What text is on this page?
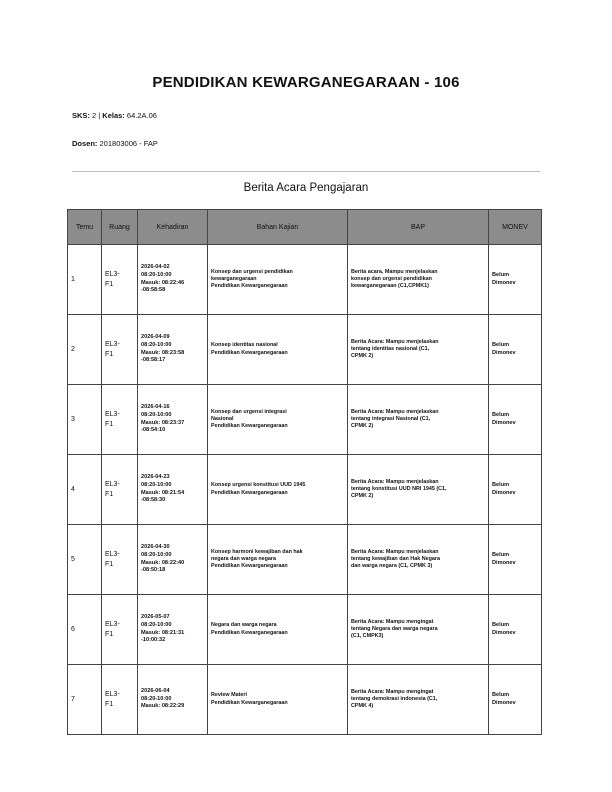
PENDIDIKAN KEWARGANEGARAAN - 106
SKS: 2 | Kelas: 64.2A.06
Dosen: 201803006 - FAP
Berita Acara Pengajaran
Temu	Ruang	Kehadiran	Bahan Kajian	BAP	MONEV
1	EL3-
F1	2026-04-02
08:20-10:00
Masuk: 08:22:46
-08:58:58	Konsep dan urgensi pendidikan
kewarganegaraan
Pendidikan Kewarganegaraan	Berita acara, Mampu menjelaskan
konsep dan urgensi pendidikan
kewarganegaraan (C1,CPMK1)	Belum
Dimonev

2	EL3-
F1	2026-04-09
08:20-10:00
Masuk: 08:23:58
-08:58:17	Konsep identitas nasional
Pendidikan Kewarganegaraan	Berita Acara: Mampu menjelaskan
tentang identitas nasional (C1,
CPMK 2)	Belum
Dimonev

3	EL3-
F1	2026-04-16
08:20-10:00
Masuk: 08:23:37
-08:54:10	Konsep dan urgensi integrasi
Nasional
Pendidikan Kewarganegaraan	Berita Acara: Mampu menjelaskan
tentang integrasi Nasional (C1,
CPMK 2)	Belum
Dimonev

4	EL3-
F1	2026-04-23
08:20-10:00
Masuk: 08:21:54
-08:58:30	Konsep urgensi konstitusi UUD 1945
Pendidikan Kewarganegaraan	Berita Acara: Mampu menjelaskan
tentang konstitusi UUD NRI 1945 (C1,
CPMK 2)	Belum
Dimonev

5	EL3-
F1	2026-04-30
08:20-10:00
Masuk: 08:22:40
-08:50:18	Konsep harmoni kewajiban dan hak
negara dan warga negara
Pendidikan Kewarganegaraan	Berita Acara: Mampu menjelaskan
tentang kewajiban dan Hak Negara
dan warga negara (C1, CPMK 3)	Belum
Dimonev

6	EL3-
F1	2026-05-07
08:20-10:00
Masuk: 08:21:31
-10:00:32	Negara dan warga negara
Pendidikan Kewarganegaraan	Berita Acara: Mampu mengingat
tentang Negara dan warga negara
(C1, CMPK3)	Belum
Dimonev

7	EL3-
F1	2026-06-04
08:20-10:00
Masuk: 08:22:29	Review Materi
Pendidikan Kewarganegaraan	Berita Acara: Mampu mengingat
tentang demokrasi indonesia (C1,
CPMK 4)	Belum
Dimonev
